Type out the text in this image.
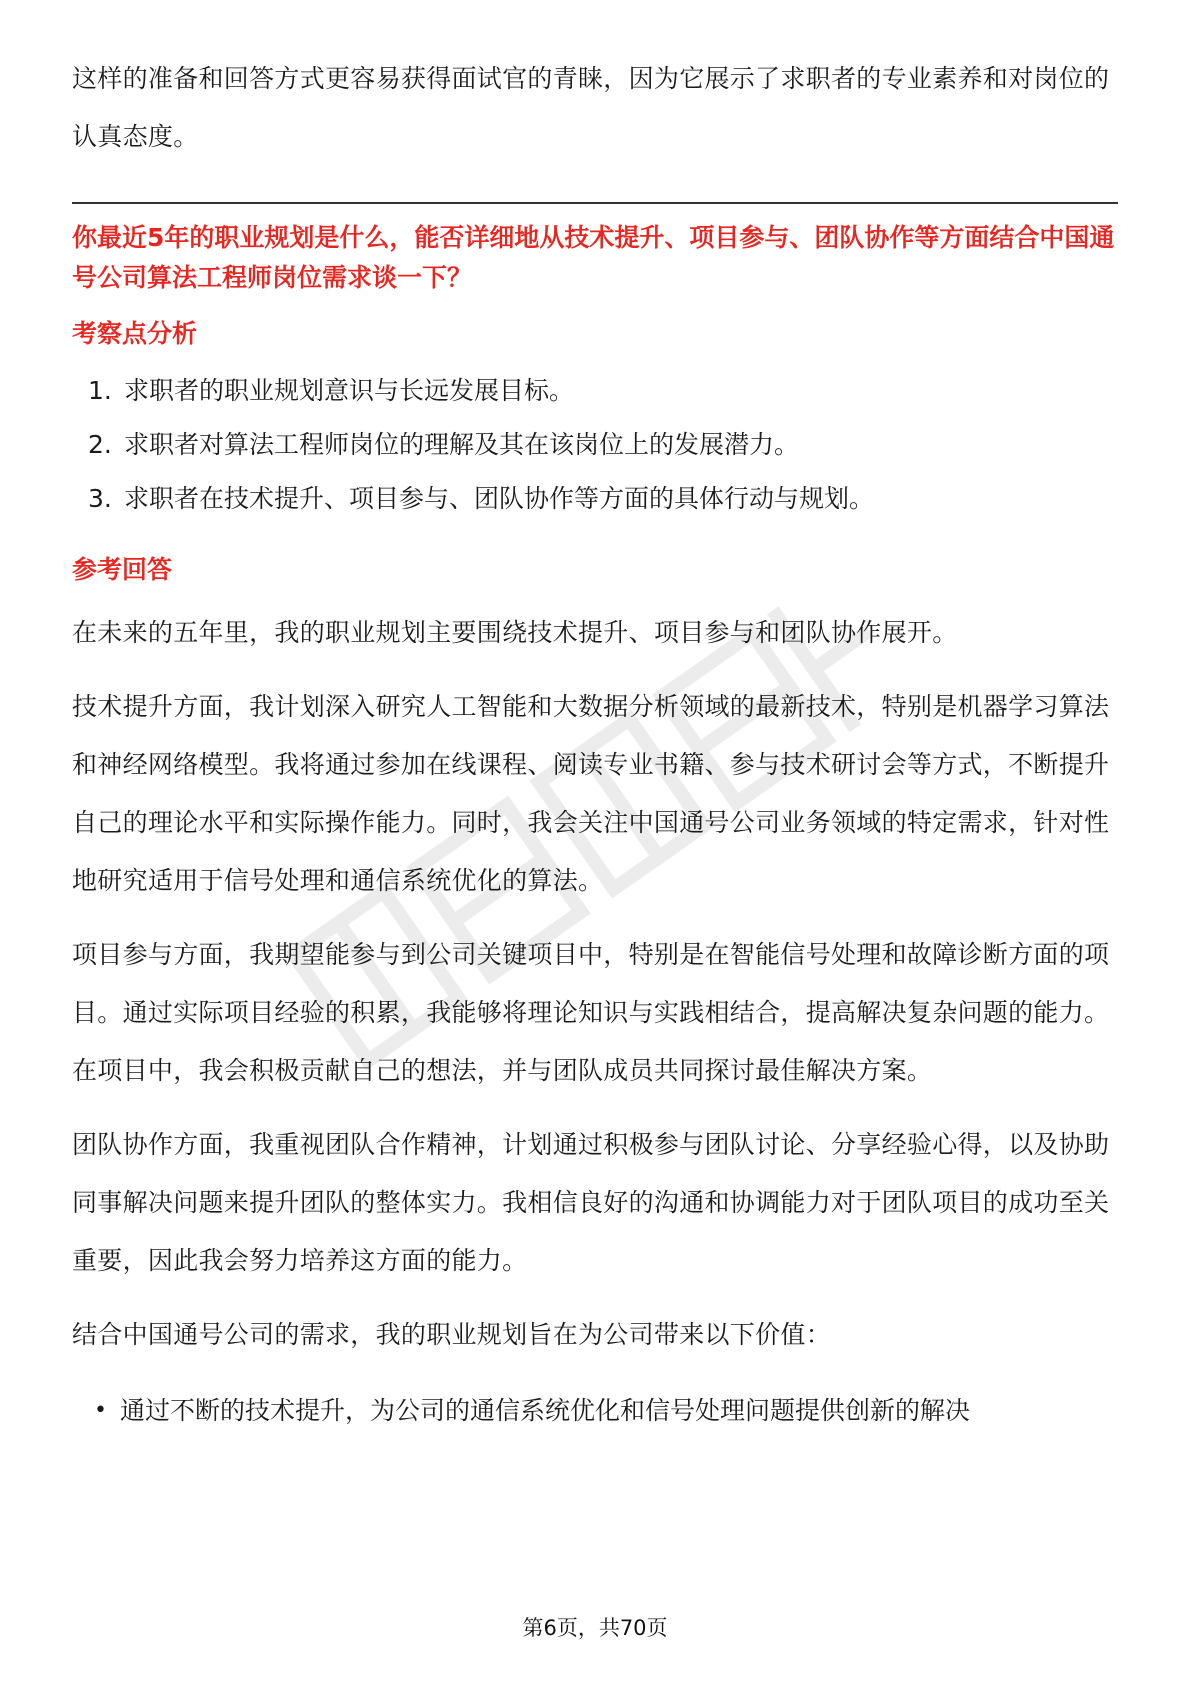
这样的准备和回答方式更容易获得面试官的青睐，因为它展示了求职者的专业素养和对岗位的认真态度。

你最近5年的职业规划是什么，能否详细地从技术提升、项目参与、团队协作等方面结合中国通号公司算法工程师岗位需求谈一下？

考察点分析
1. 求职者的职业规划意识与长远发展目标。
2. 求职者对算法工程师岗位的理解及其在该岗位上的发展潜力。
3. 求职者在技术提升、项目参与、团队协作等方面的具体行动与规划。
参考回答

在未来的五年里，我的职业规划主要围绕技术提升、项目参与和团队协作展开。

技术提升方面，我计划深入研究人工智能和大数据分析领域的最新技术，特别是机器学习算法和神经网络模型。我将通过参加在线课程、阅读专业书籍、参与技术研讨会等方式，不断提升自己的理论水平和实际操作能力。同时，我会关注中国通号公司业务领域的特定需求，针对性地研究适用于信号处理和通信系统优化的算法。

项目参与方面，我期望能参与到公司关键项目中，特别是在智能信号处理和故障诊断方面的项目。通过实际项目经验的积累，我能够将理论知识与实践相结合，提高解决复杂问题的能力。在项目中，我会积极贡献自己的想法，并与团队成员共同探讨最佳解决方案。

团队协作方面，我重视团队合作精神，计划通过积极参与团队讨论、分享经验心得，以及协助同事解决问题来提升团队的整体实力。我相信良好的沟通和协调能力对于团队项目的成功至关重要，因此我会努力培养这方面的能力。

结合中国通号公司的需求，我的职业规划旨在为公司带来以下价值：

• 通过不断的技术提升，为公司的通信系统优化和信号处理问题提供创新的解决
第6页，共70页
